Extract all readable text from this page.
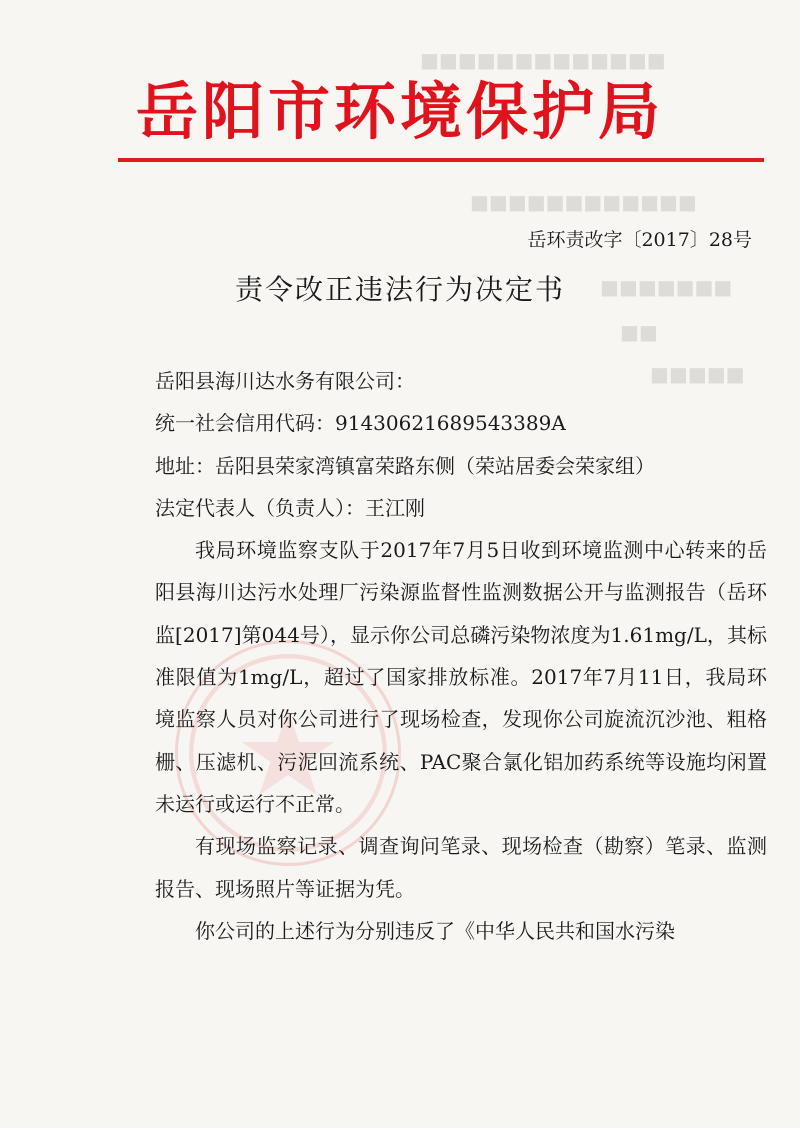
■■■■■■■■■■■■■
■■■■■■■■■■■■
■■■■■■■
■■
■■■■■
岳阳市环境保护局
岳环责改字〔2017〕28号
责令改正违法行为决定书

岳阳县海川达水务有限公司：

统一社会信用代码：91430621689543389A

地址：岳阳县荣家湾镇富荣路东侧（荣站居委会荣家组）

法定代表人（负责人）：王江刚

我局环境监察支队于2017年7月5日收到环境监测中心转来的岳阳县海川达污水处理厂污染源监督性监测数据公开与监测报告（岳环监[2017]第044号），显示你公司总磷污染物浓度为1.61mg/L，其标准限值为1mg/L，超过了国家排放标准。2017年7月11日，我局环境监察人员对你公司进行了现场检查，发现你公司旋流沉沙池、粗格栅、压滤机、污泥回流系统、PAC聚合氯化铝加药系统等设施均闲置未运行或运行不正常。

有现场监察记录、调查询问笔录、现场检查（勘察）笔录、监测报告、现场照片等证据为凭。

你公司的上述行为分别违反了《中华人民共和国水污染
